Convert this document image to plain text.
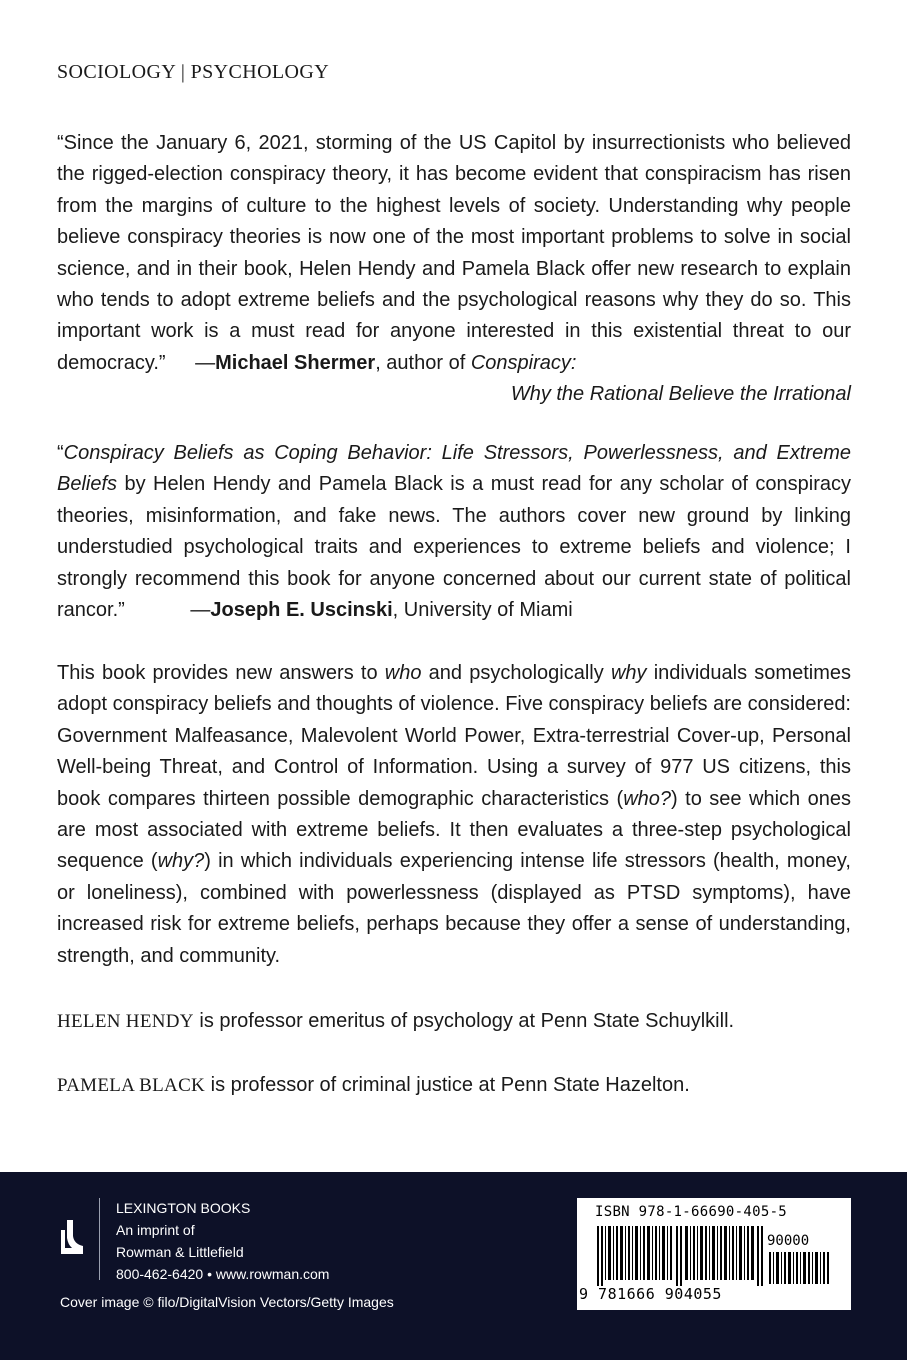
SOCIOLOGY | PSYCHOLOGY

“Since the January 6, 2021, storming of the US Capitol by insurrectionists who believed the rigged-election conspiracy theory, it has become evident that conspiracism has risen from the margins of culture to the highest levels of society. Understanding why people believe conspiracy theories is now one of the most important problems to solve in social science, and in their book, Helen Hendy and Pamela Black offer new research to explain who tends to adopt extreme beliefs and the psychological reasons why they do so. This important work is a must read for anyone interested in this existential threat to our democracy.” —Michael Shermer, author of Conspiracy:

Why the Rational Believe the Irrational

“Conspiracy Beliefs as Coping Behavior: Life Stressors, Powerlessness, and Extreme Beliefs by Helen Hendy and Pamela Black is a must read for any scholar of conspiracy theories, misinformation, and fake news. The authors cover new ground by linking understudied psychological traits and experiences to extreme beliefs and violence; I strongly recommend this book for anyone concerned about our current state of political rancor.”	—Joseph E. Uscinski, University of Miami

This book provides new answers to who and psychologically why individuals sometimes adopt conspiracy beliefs and thoughts of violence. Five conspiracy beliefs are considered: Government Malfeasance, Malevolent World Power, Extra-terrestrial Cover-up, Personal Well-being Threat, and Control of Information. Using a survey of 977 US citizens, this book compares thirteen possible demographic characteristics (who?) to see which ones are most associated with extreme beliefs. It then evaluates a three-step psychological sequence (why?) in which individuals experiencing intense life stressors (health, money, or loneliness), combined with powerlessness (displayed as PTSD symptoms), have increased risk for extreme beliefs, perhaps because they offer a sense of understanding, strength, and community.

HELEN HENDY is professor emeritus of psychology at Penn State Schuylkill.

PAMELA BLACK is professor of criminal justice at Penn State Hazelton.

LEXINGTON BOOKS
An imprint of
Rowman & Littlefield
800-462-6420 • www.rowman.com
Cover image © filo/DigitalVision Vectors/Getty Images
ISBN 978-1-66690-405-5
90000
9 781666 904055
